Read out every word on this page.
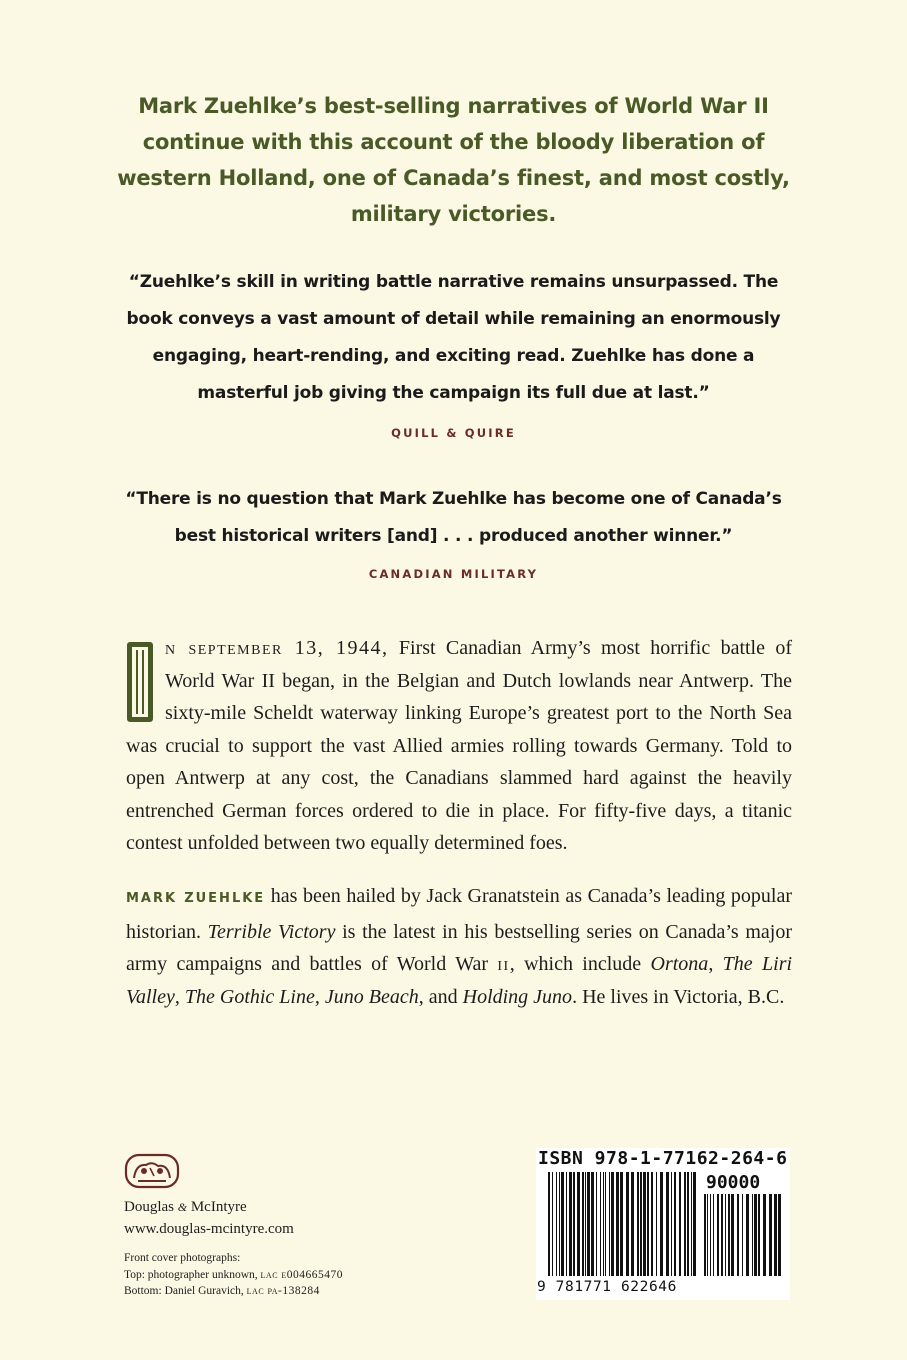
Mark Zuehlke’s best-selling narratives of World War II continue with this account of the bloody liberation of western Holland, one of Canada’s finest, and most costly, military victories.
“Zuehlke’s skill in writing battle narrative remains unsurpassed. The book conveys a vast amount of detail while remaining an enormously engaging, heart-rending, and exciting read. Zuehlke has done a masterful job giving the campaign its full due at last.”
QUILL & QUIRE
“There is no question that Mark Zuehlke has become one of Canada’s best historical writers [and] . . . produced another winner.”
CANADIAN MILITARY
n september 13, 1944, First Canadian Army’s most horrific battle of World War II began, in the Belgian and Dutch lowlands near Antwerp. The sixty-mile Scheldt waterway linking Europe’s greatest port to the North Sea was crucial to support the vast Allied armies rolling towards Germany. Told to open Antwerp at any cost, the Canadians slammed hard against the heavily entrenched German forces ordered to die in place. For fifty-five days, a titanic contest unfolded between two equally determined foes.
MARK ZUEHLKE has been hailed by Jack Granatstein as Canada’s leading popular historian. Terrible Victory is the latest in his bestselling series on Canada’s major army campaigns and battles of World War ii, which include Ortona, The Liri Valley, The Gothic Line, Juno Beach, and Holding Juno. He lives in Victoria, B.C.
Douglas & McIntyre
www.douglas-mcintyre.com
Front cover photographs:
Top: photographer unknown, lac e004665470
Bottom: Daniel Guravich, lac pa-138284
ISBN 978-1-77162-264-6
90000
9 781771 622646
